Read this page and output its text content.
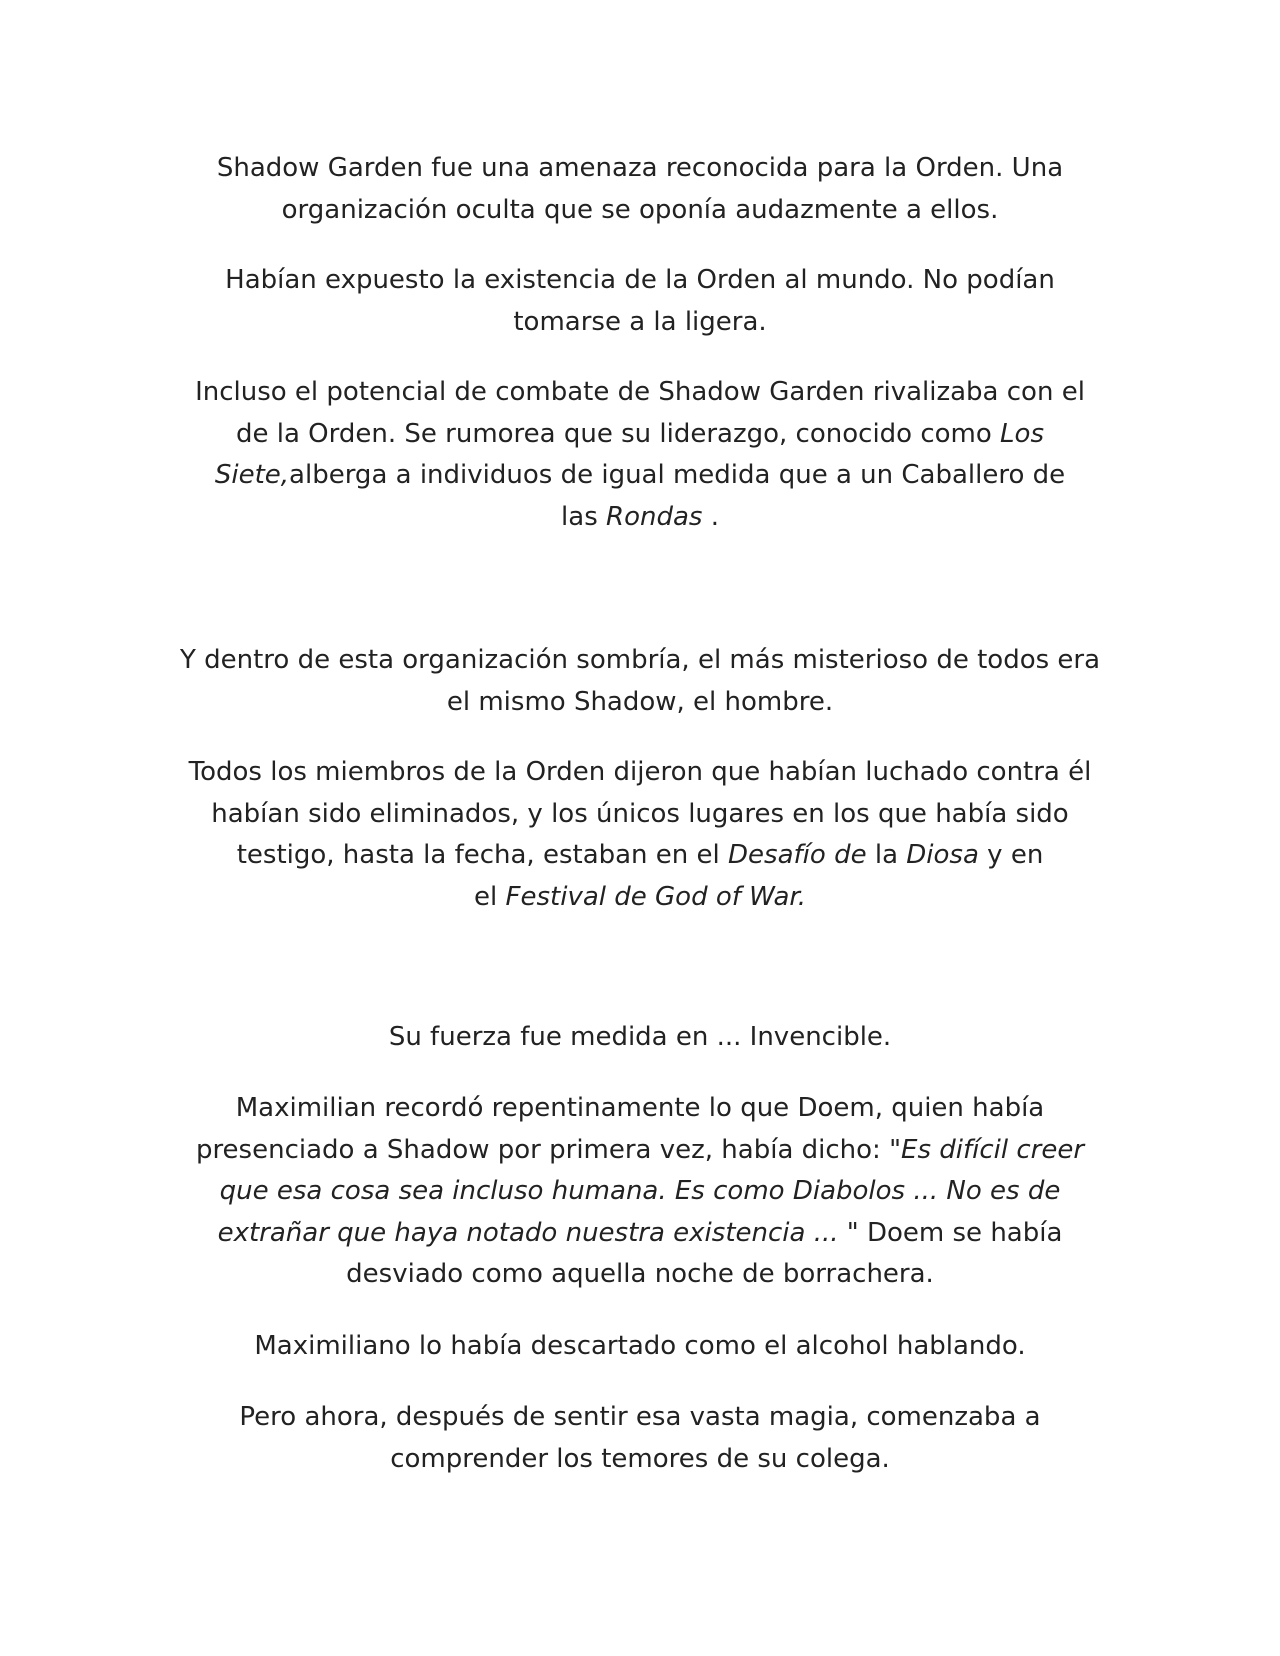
Shadow Garden fue una amenaza reconocida para la Orden. Una
organización oculta que se oponía audazmente a ellos.

Habían expuesto la existencia de la Orden al mundo. No podían
tomarse a la ligera.

Incluso el potencial de combate de Shadow Garden rivalizaba con el
de la Orden. Se rumorea que su liderazgo, conocido como Los
Siete,alberga a individuos de igual medida que a un Caballero de
las Rondas .

Y dentro de esta organización sombría, el más misterioso de todos era
el mismo Shadow, el hombre.

Todos los miembros de la Orden dijeron que habían luchado contra él
habían sido eliminados, y los únicos lugares en los que había sido
testigo, hasta la fecha, estaban en el Desafío de la Diosa y en
el Festival de God of War.

Su fuerza fue medida en ... Invencible.

Maximilian recordó repentinamente lo que Doem, quien había
presenciado a Shadow por primera vez, había dicho: "Es difícil creer
que esa cosa sea incluso humana. Es como Diabolos ... No es de
extrañar que haya notado nuestra existencia ... " Doem se había
desviado como aquella noche de borrachera.

Maximiliano lo había descartado como el alcohol hablando.

Pero ahora, después de sentir esa vasta magia, comenzaba a
comprender los temores de su colega.
